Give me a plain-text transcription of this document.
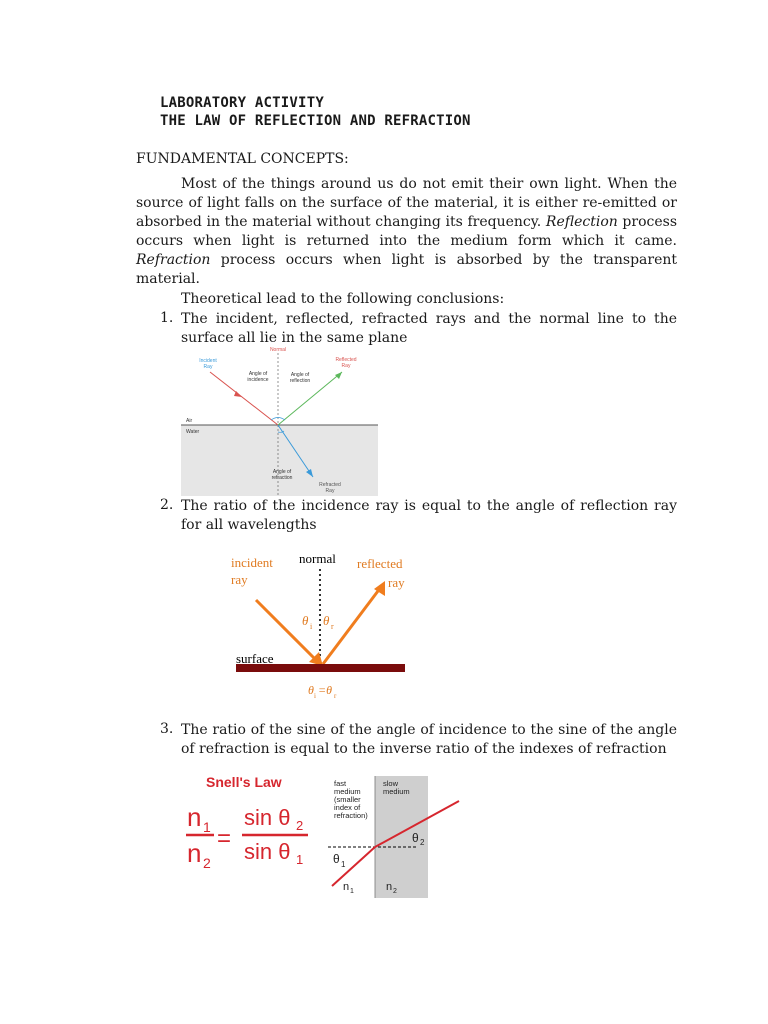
LABORATORY ACTIVITY
THE LAW OF REFLECTION AND REFRACTION
FUNDAMENTAL CONCEPTS:

Most of the things around us do not emit their own light. When the source of light falls on the surface of the material, it is either re-emitted or absorbed in the material without changing its frequency. Reflection process occurs when light is returned into the medium form which it came. Refraction process occurs when light is absorbed by the transparent material.

Theoretical lead to the following conclusions:
1. The incident, reflected, refracted rays and the normal line to the surface all lie in the same plane
Normal
Incident
Ray
Reflected
Ray
Angle of
incidence
Angle of
reflection
Air
Water
Angle of
refraction
Refracted
Ray
2. The ratio of the incidence ray is equal to the angle of reflection ray for all wavelengths
incident
ray
normal reflected
ray
θ i θ r
surface
θ i =θ r
3. The ratio of the sine of the angle of incidence to the sine of the angle of refraction is equal to the inverse ratio of the indexes of refraction
Snell's Law
n 1
n 2
=
sin θ 2
sin θ 1
fast
medium
(smaller
index of
refraction)
slow
medium
θ 1
θ 2
n 1	n 2
